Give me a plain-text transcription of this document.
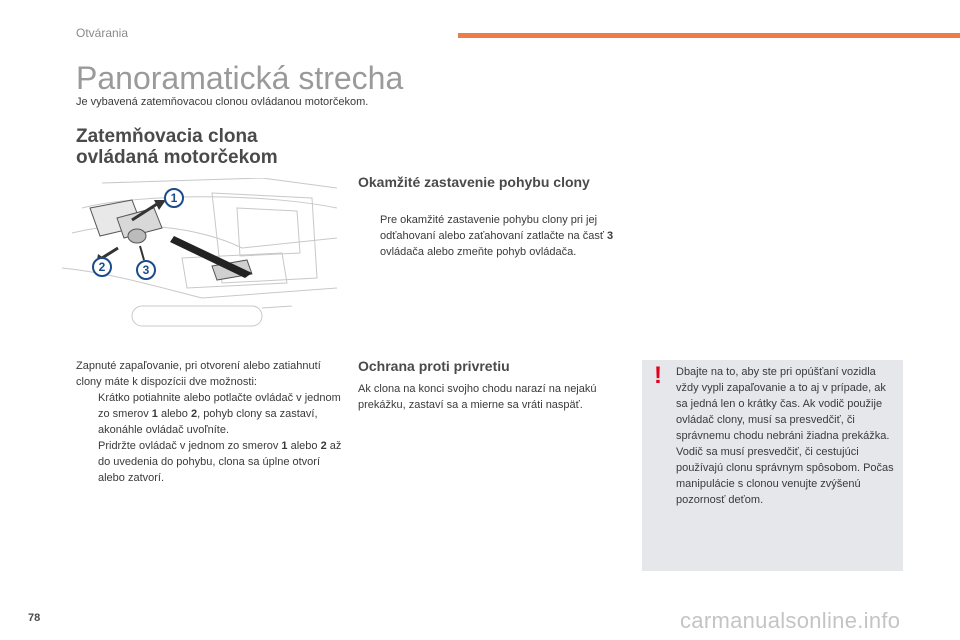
Otvárania
Panoramatická strecha
Je vybavená zatemňovacou clonou ovládanou motorčekom.
Zatemňovacia clona
ovládaná motorčekom
1
2	3
Zapnuté zapaľovanie, pri otvorení alebo zatiahnutí clony máte k dispozícii dve možnosti:
Krátko potiahnite alebo potlačte ovládač v jednom zo smerov 1 alebo 2, pohyb clony sa zastaví, akonáhle ovládač uvoľníte.
Pridržte ovládač v jednom zo smerov 1 alebo 2 až do uvedenia do pohybu, clona sa úplne otvorí alebo zatvorí.
Okamžité zastavenie pohybu clony
Pre okamžité zastavenie pohybu clony pri jej odťahovaní alebo zaťahovaní zatlačte na časť 3 ovládača alebo zmeňte pohyb ovládača.
Ochrana proti privretiu
Ak clona na konci svojho chodu narazí na nejakú prekážku, zastaví sa a mierne sa vráti naspäť.
!	Dbajte na to, aby ste pri opúšťaní vozidla vždy vypli zapaľovanie a to aj v prípade, ak sa jedná len o krátky čas. Ak vodič použije ovládač clony, musí sa presvedčiť, či správnemu chodu nebráni žiadna prekážka. Vodič sa musí presvedčiť, či cestujúci používajú clonu správnym spôsobom. Počas manipulácie s clonou venujte zvýšenú pozornosť deťom.
78	carmanualsonline.info
